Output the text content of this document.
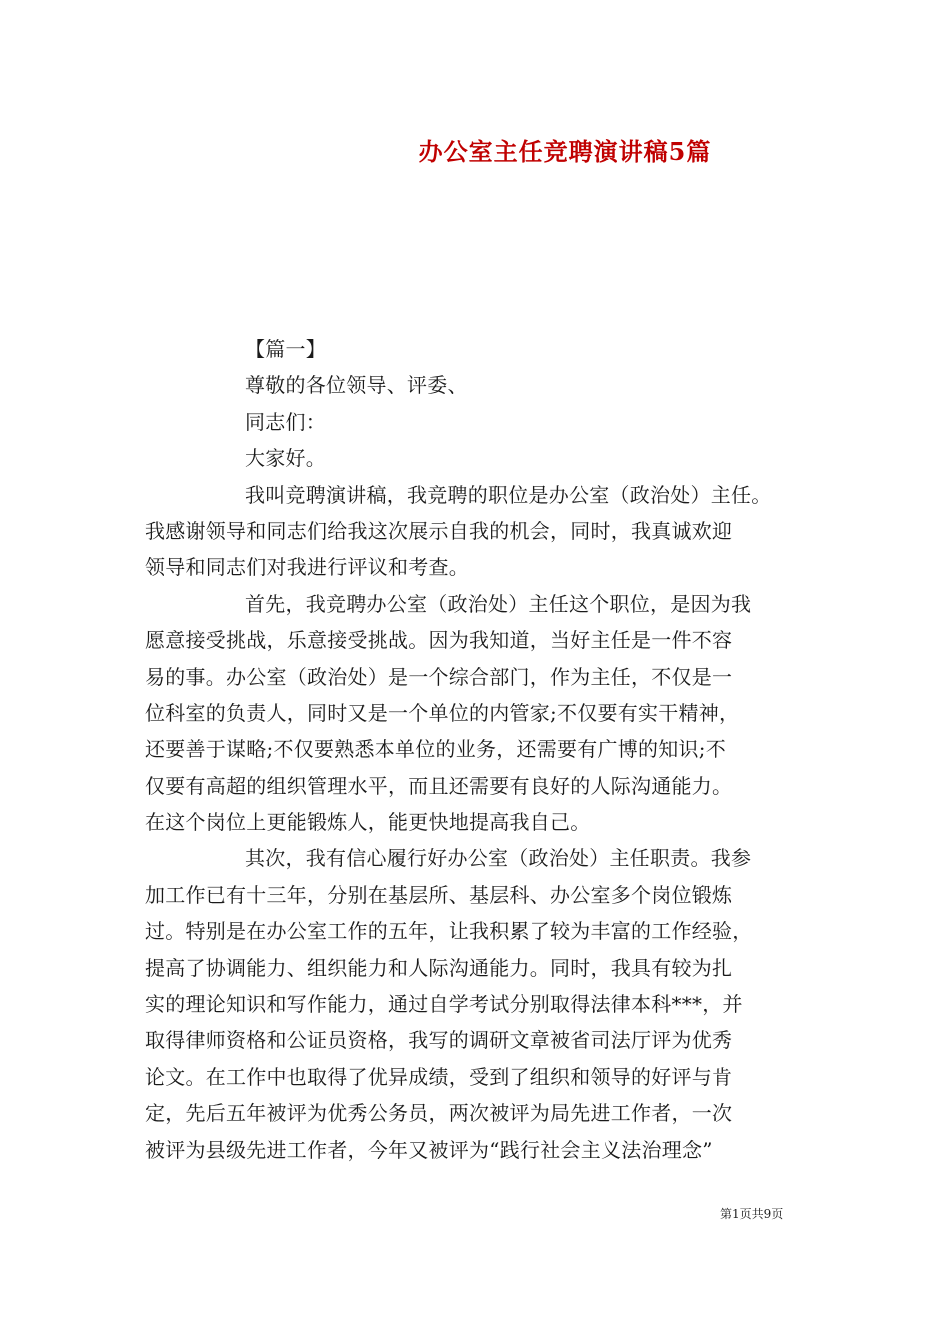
办公室主任竞聘演讲稿5篇
【篇一】
尊敬的各位领导、评委、
同志们：
大家好。
我叫竞聘演讲稿，我竞聘的职位是办公室（政治处）主任。
我感谢领导和同志们给我这次展示自我的机会，同时，我真诚欢迎
领导和同志们对我进行评议和考查。
首先，我竞聘办公室（政治处）主任这个职位，是因为我
愿意接受挑战，乐意接受挑战。因为我知道，当好主任是一件不容
易的事。办公室（政治处）是一个综合部门，作为主任，不仅是一
位科室的负责人，同时又是一个单位的内管家;不仅要有实干精神，
还要善于谋略;不仅要熟悉本单位的业务，还需要有广博的知识;不
仅要有高超的组织管理水平，而且还需要有良好的人际沟通能力。
在这个岗位上更能锻炼人，能更快地提高我自己。
其次，我有信心履行好办公室（政治处）主任职责。我参
加工作已有十三年，分别在基层所、基层科、办公室多个岗位锻炼
过。特别是在办公室工作的五年，让我积累了较为丰富的工作经验，
提高了协调能力、组织能力和人际沟通能力。同时，我具有较为扎
实的理论知识和写作能力，通过自学考试分别取得法律本科***，并
取得律师资格和公证员资格，我写的调研文章被省司法厅评为优秀
论文。在工作中也取得了优异成绩，受到了组织和领导的好评与肯
定，先后五年被评为优秀公务员，两次被评为局先进工作者，一次
被评为县级先进工作者，今年又被评为“践行社会主义法治理念”
第1页共9页
